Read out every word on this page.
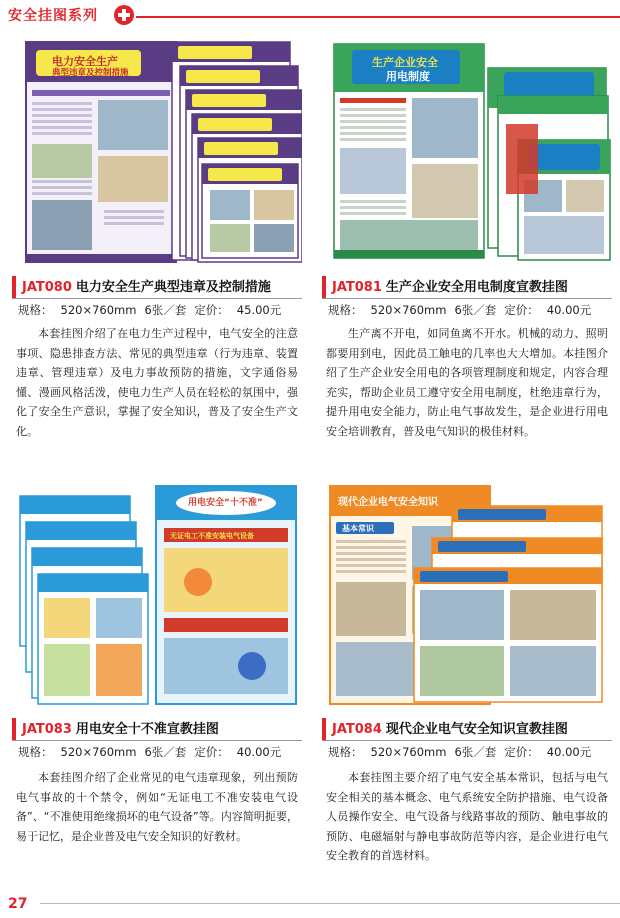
安全挂图系列
电力安全生产
典型违章及控制措施
JAT080 电力安全生产典型违章及控制措施
规格： 520×760mm 6张／套 定价： 45.00元

本套挂图介绍了在电力生产过程中，电气安全的注意事项、隐患排查方法、常见的典型违章（行为违章、装置违章、管理违章）及电力事故预防的措施，文字通俗易懂、漫画风格活泼，使电力生产人员在轻松的氛围中，强化了安全生产意识，掌握了安全知识，普及了安全生产文化。

生产企业安全
用电制度
JAT081 生产企业安全用电制度宣教挂图
规格： 520×760mm 6张／套 定价： 40.00元

生产离不开电，如同鱼离不开水。机械的动力、照明都要用到电，因此员工触电的几率也大大增加。本挂图介绍了生产企业安全用电的各项管理制度和规定，内容合理充实，帮助企业员工遵守安全用电制度，杜绝违章行为，提升用电安全能力，防止电气事故发生，是企业进行用电安全培训教育，普及电气知识的极佳材料。

用电安全“十不准”
无证电工不准安装电气设备
JAT083 用电安全十不准宣教挂图
规格： 520×760mm 6张／套 定价： 40.00元

本套挂图介绍了企业常见的电气违章现象，列出预防电气事故的十个禁令，例如“无证电工不准安装电气设备”、“不准使用绝缘损坏的电气设备”等。内容简明扼要，易于记忆，是企业普及电气安全知识的好教材。

现代企业电气安全知识
基本常识
JAT084 现代企业电气安全知识宣教挂图
规格： 520×760mm 6张／套 定价： 40.00元

本套挂图主要介绍了电气安全基本常识，包括与电气安全相关的基本概念、电气系统安全防护措施、电气设备人员操作安全、电气设备与线路事故的预防、触电事故的预防、电磁辐射与静电事故防范等内容，是企业进行电气安全教育的首选材料。

27
